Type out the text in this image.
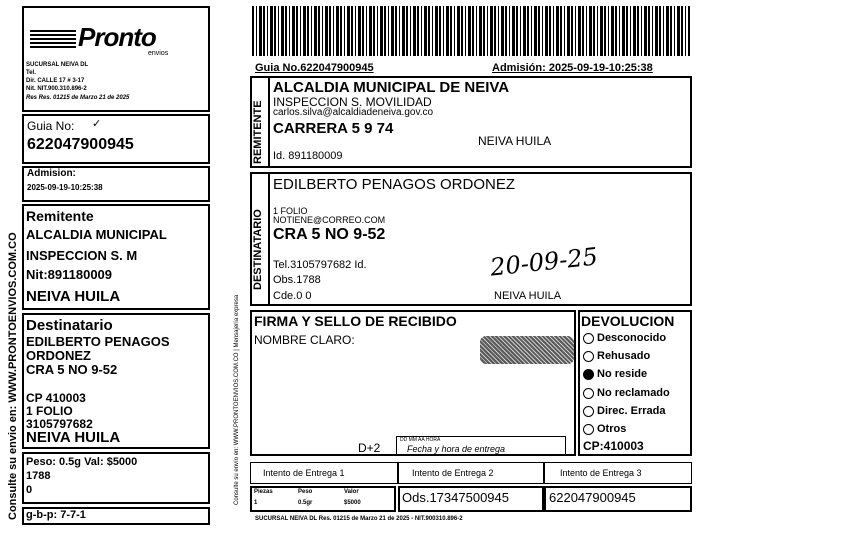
Pronto
envios
SUCURSAL NEIVA DL
Tel.
Dir. CALLE 17 # 3-17
Nit. NIT.900.310.896-2
Res Res. 01215 de Marzo 21 de 2025
Guia No: ✓
622047900945
Admision:
2025-09-19-10:25:38
Remitente
ALCALDIA MUNICIPAL
INSPECCION S. M
Nit:891180009
NEIVA HUILA
Destinatario
EDILBERTO PENAGOS
ORDONEZ
CRA 5 NO 9-52
CP 410003
1 FOLIO
3105797682
NEIVA HUILA
Peso: 0.5g Val: $5000
1788
0
g-b-p: 7-7-1
Consulte su envio en: WWW.PRONTOENVIOS.COM.CO
Guia No.622047900945	Admisión: 2025-09-19-10:25:38
Consulte su envío en: WWW.PRONTOENVIOS.COM.CO | Mensajería expresa
REMITENTE
ALCALDIA MUNICIPAL DE NEIVA
INSPECCION S. MOVILIDAD
carlos.silva@alcaldiadeneiva.gov.co
CARRERA 5 9 74
NEIVA HUILA
Id. 891180009
DESTINATARIO
EDILBERTO PENAGOS ORDONEZ
1 FOLIO
NOTIENE@CORREO.COM
CRA 5 NO 9-52
20-09-25
Tel.3105797682 Id.
Obs.1788
Cde.0 0	NEIVA HUILA
FIRMA Y SELLO DE RECIBIDO
NOMBRE CLARO:
D+2
DD MM AA HORA
Fecha y hora de entrega
DEVOLUCION
Desconocido
Rehusado
No reside
No reclamado
Direc. Errada
Otros
CP:410003
Intento de Entrega 1	Intento de Entrega 2	Intento de Entrega 3
Piezas
1
Peso
0.5gr
Valor
$5000	Ods.17347500945	622047900945
SUCURSAL NEIVA DL Res. 01215 de Marzo 21 de 2025 - NIT.900310.896-2
